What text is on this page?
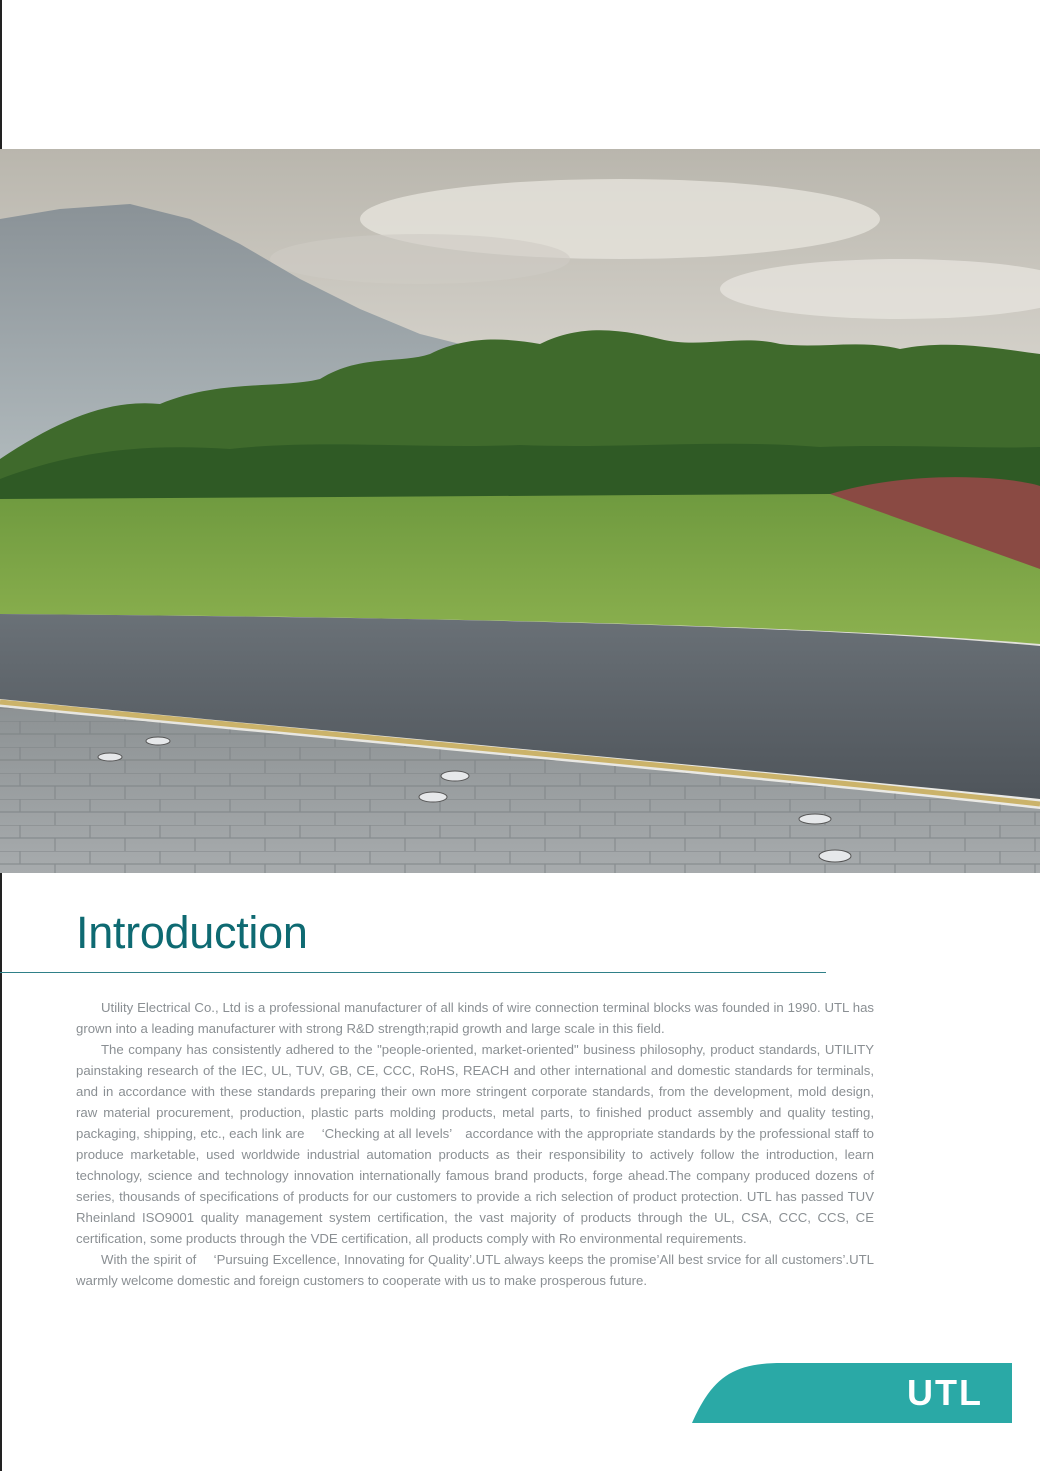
Introduction

Utility Electrical Co., Ltd is a professional manufacturer of all kinds of wire connection terminal blocks was founded in 1990. UTL has grown into a leading manufacturer with strong R&D strength;rapid growth and large scale in this field.

The company has consistently adhered to the "people-oriented, market-oriented" business philosophy, product standards, UTILITY painstaking research of the IEC, UL, TUV, GB, CE, CCC, RoHS, REACH and other international and domestic standards for terminals, and in accordance with these standards preparing their own more stringent corporate standards, from the development, mold design, raw material procurement, production, plastic parts molding products, metal parts, to finished product assembly and quality testing, packaging, shipping, etc., each link are 　‘Checking at all levels’　accordance with the appropriate standards by the professional staff to produce marketable, used worldwide industrial automation products as their responsibility to actively follow the introduction, learn technology, science and technology innovation internationally famous brand products, forge ahead.The company produced dozens of series, thousands of specifications of products for our customers to provide a rich selection of product protection. UTL has passed TUV Rheinland ISO9001 quality management system certification, the vast majority of products through the UL, CSA, CCC, CCS, CE certification, some products through the VDE certification, all products comply with Ro environmental requirements.

With the spirit of 　‘Pursuing Excellence, Innovating for Quality’.UTL always keeps the promise’All best srvice for all customers’.UTL warmly welcome domestic and foreign customers to cooperate with us to make prosperous future.

UTL
